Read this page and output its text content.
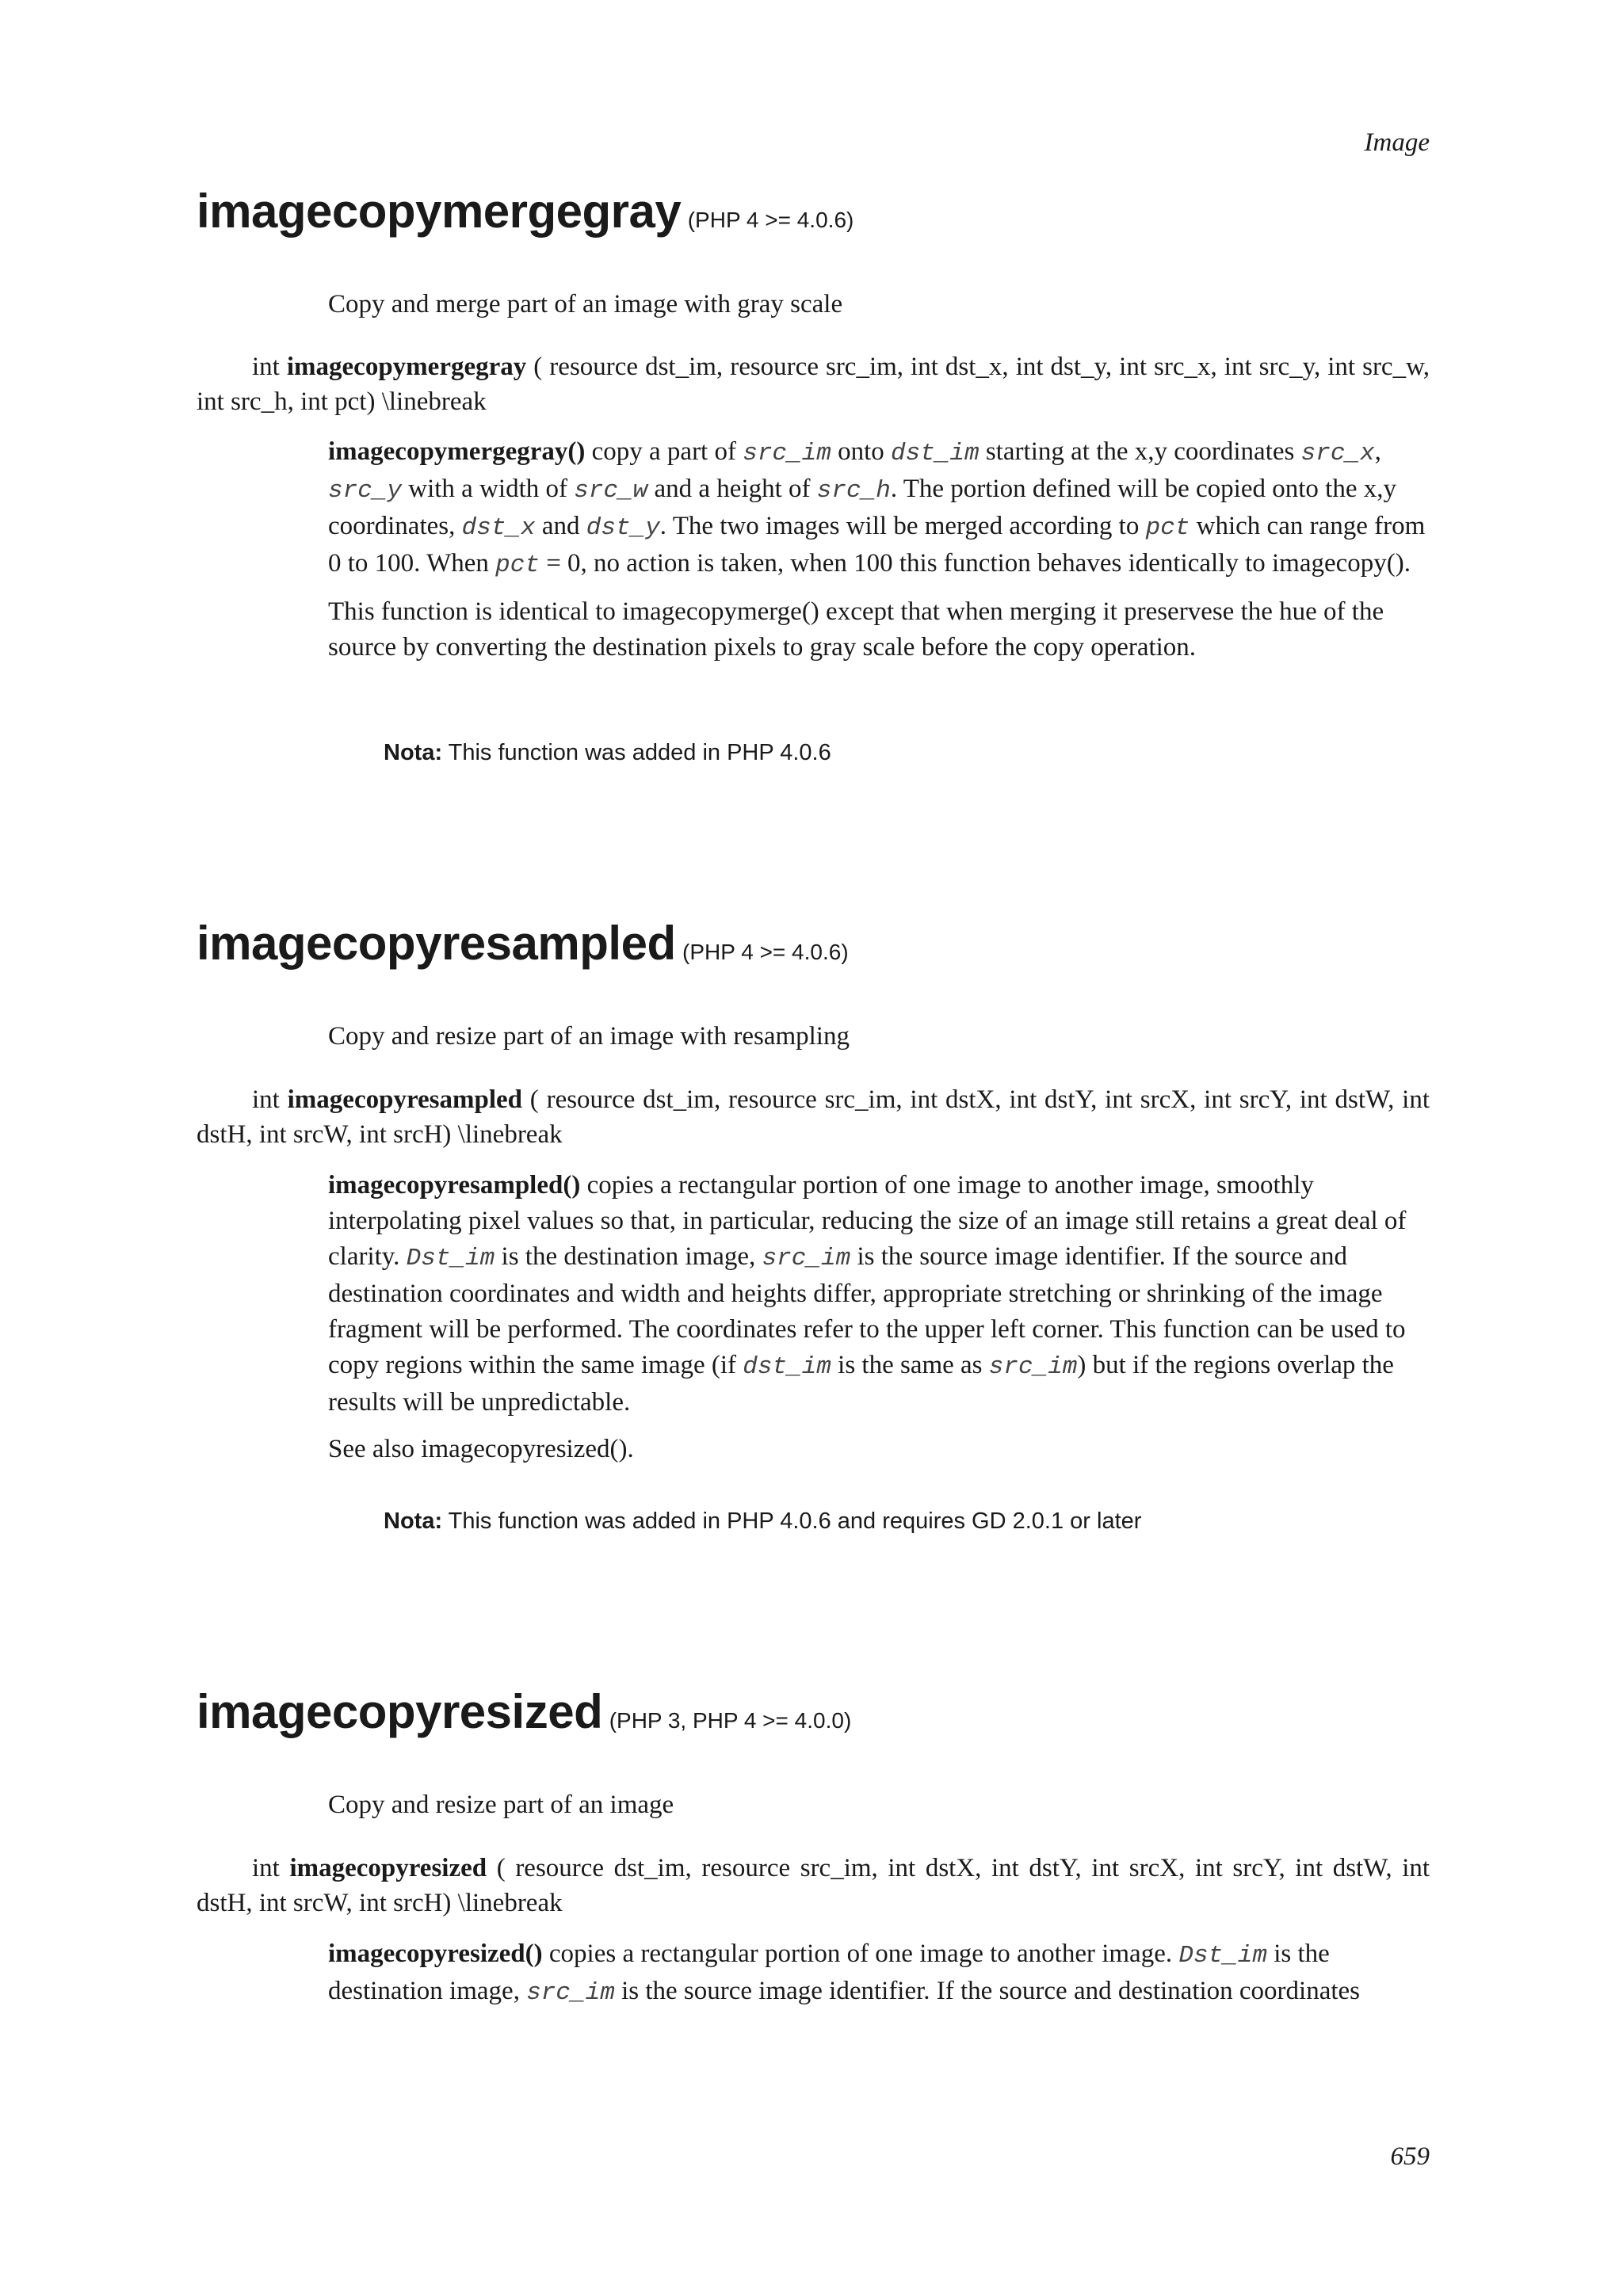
Image
imagecopymergegray (PHP 4 >= 4.0.6)
Copy and merge part of an image with gray scale
int imagecopymergegray ( resource dst_im, resource src_im, int dst_x, int dst_y, int src_x, int src_y, int src_w, int src_h, int pct) \linebreak

imagecopymergegray() copy a part of src_im onto dst_im starting at the x,y coordinates src_x, src_y with a width of src_w and a height of src_h. The portion defined will be copied onto the x,y coordinates, dst_x and dst_y. The two images will be merged according to pct which can range from 0 to 100. When pct = 0, no action is taken, when 100 this function behaves identically to imagecopy().

This function is identical to imagecopymerge() except that when merging it preservese the hue of the source by converting the destination pixels to gray scale before the copy operation.

Nota: This function was added in PHP 4.0.6
imagecopyresampled (PHP 4 >= 4.0.6)
Copy and resize part of an image with resampling
int imagecopyresampled ( resource dst_im, resource src_im, int dstX, int dstY, int srcX, int srcY, int dstW, int dstH, int srcW, int srcH) \linebreak

imagecopyresampled() copies a rectangular portion of one image to another image, smoothly interpolating pixel values so that, in particular, reducing the size of an image still retains a great deal of clarity. Dst_im is the destination image, src_im is the source image identifier. If the source and destination coordinates and width and heights differ, appropriate stretching or shrinking of the image fragment will be performed. The coordinates refer to the upper left corner. This function can be used to copy regions within the same image (if dst_im is the same as src_im) but if the regions overlap the results will be unpredictable.

See also imagecopyresized().

Nota: This function was added in PHP 4.0.6 and requires GD 2.0.1 or later
imagecopyresized (PHP 3, PHP 4 >= 4.0.0)
Copy and resize part of an image
int imagecopyresized ( resource dst_im, resource src_im, int dstX, int dstY, int srcX, int srcY, int dstW, int dstH, int srcW, int srcH) \linebreak

imagecopyresized() copies a rectangular portion of one image to another image. Dst_im is the destination image, src_im is the source image identifier. If the source and destination coordinates

659
